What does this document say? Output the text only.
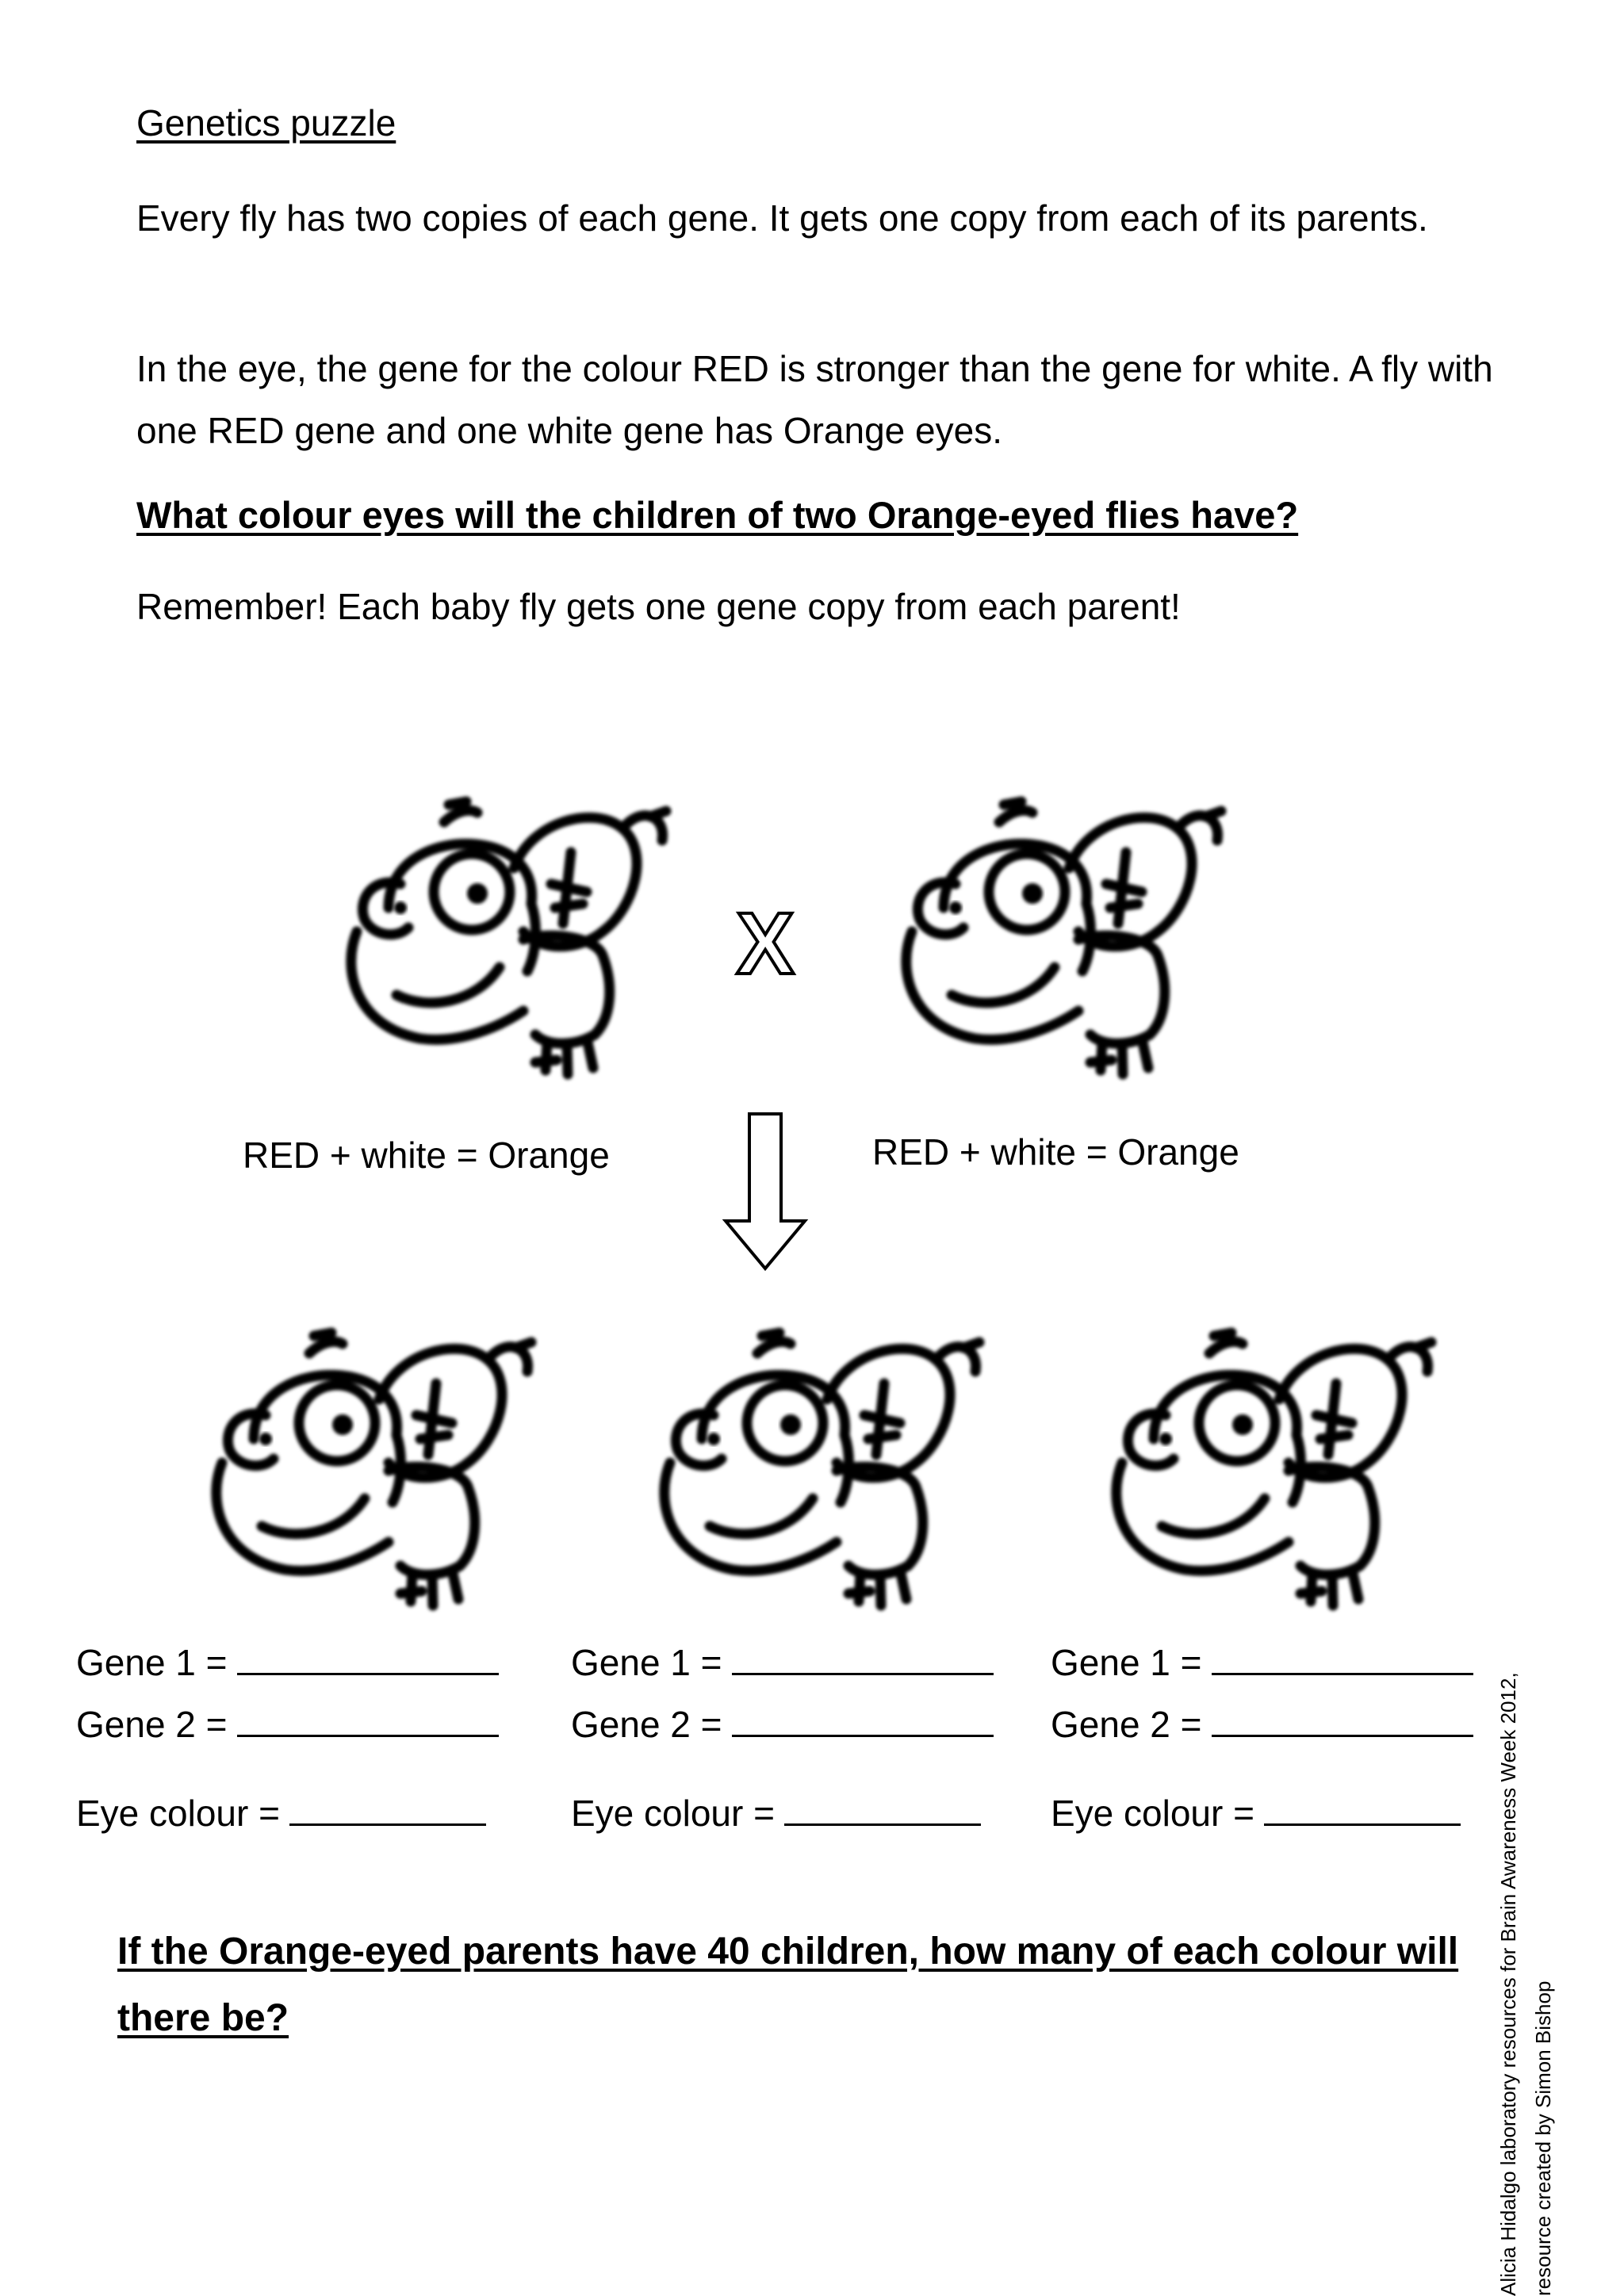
Genetics puzzle
Every fly has two copies of each gene. It gets one copy from each of its parents.
In the eye, the gene for the colour RED is stronger than the gene for white. A fly with one RED gene and one white gene has Orange eyes.
What colour eyes will the children of two Orange-eyed flies have?
Remember! Each baby fly gets one gene copy from each parent!
X
RED + white = Orange	RED + white = Orange
Gene 1 =
Gene 2 =
Eye colour =
Gene 1 =
Gene 2 =
Eye colour =
Gene 1 =
Gene 2 =
Eye colour =
If the Orange-eyed parents have 40 children, how many of each colour will there be?	Alicia Hidalgo laboratory resources for Brain Awareness Week 2012, resource created by Simon Bishop
